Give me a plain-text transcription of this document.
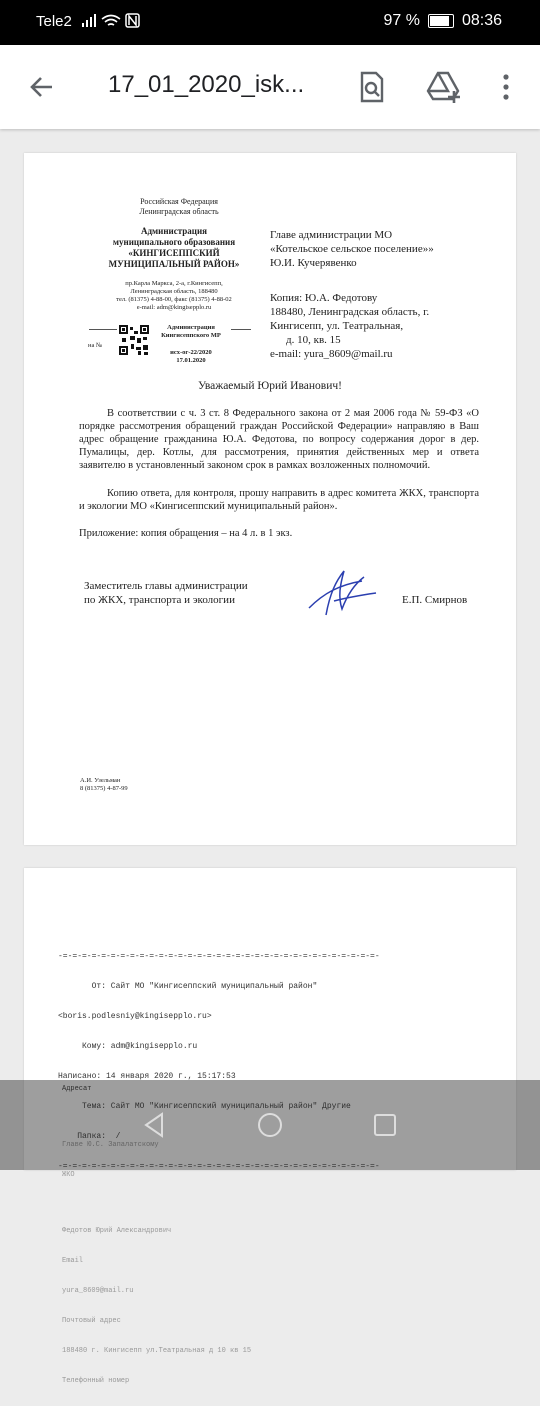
Tele2	97 %	08:36
17_01_2020_isk...
Российская Федерация
Ленинградская область
Администрация
муниципального образования
«КИНГИСЕППСКИЙ
МУНИЦИПАЛЬНЫЙ РАЙОН»
пр.Карла Маркса, 2-а, г.Кингисепп,
Ленинградская область, 188480
тел. (81375) 4-88-00, факс (81375) 4-88-02
e-mail: adm@kingisepplo.ru
на №
Администрация
Кингисеппского МР
исх-ог-22/2020
17.01.2020
Главе администрации МО
«Котельское сельское поселение»»
Ю.И. Кучерявенко
Копия: Ю.А. Федотову
188480, Ленинградская область, г.
Кингисепп, ул. Театральная,
д. 10, кв. 15
e-mail: yura_8609@mail.ru
Уважаемый Юрий Иванович!
В соответствии с ч. 3 ст. 8 Федерального закона от 2 мая 2006 года № 59-ФЗ «О порядке рассмотрения обращений граждан Российской Федерации» направляю в Ваш адрес обращение гражданина Ю.А. Федотова, по вопросу содержания дорог в дер. Пумалицы, дер. Котлы, для рассмотрения, принятия действенных мер и ответа заявителю в установленный законом срок в рамках возложенных полномочий.
Копию ответа, для контроля, прошу направить в адрес комитета ЖКХ, транспорта и экологии МО «Кингисеппский муниципальный район».
Приложение: копия обращения – на 4 л. в 1 экз.
Заместитель главы администрации
по ЖКХ, транспорта и экологии	Е.П. Смирнов
А.И. Узельман
8 (81375) 4-87-99

-=-=-=-=-=-=-=-=-=-=-=-=-=-=-=-=-=-=-=-=-=-=-=-=-=-=-=-=-=-=-=-=-=-

От: Сайт МО "Кингисеппский муниципальный район"

<boris.podlesniy@kingisepplo.ru>

Кому: adm@kingisepplo.ru

Написано: 14 января 2020 г., 15:17:53

Тема: Сайт МО "Кингисеппский муниципальный район" Другие

Папка:  /

-=-=-=-=-=-=-=-=-=-=-=-=-=-=-=-=-=-=-=-=-=-=-=-=-=-=-=-=-=-=-=-=-=-

Адресат

Главе Ю.С. Запалатскому

ЖКО

Федотов Юрий Александрович

Email

yura_8609@mail.ru

Почтовый адрес

188480 г. Кингисепп ул.Театральная д 10 кв 15

Телефонный номер
